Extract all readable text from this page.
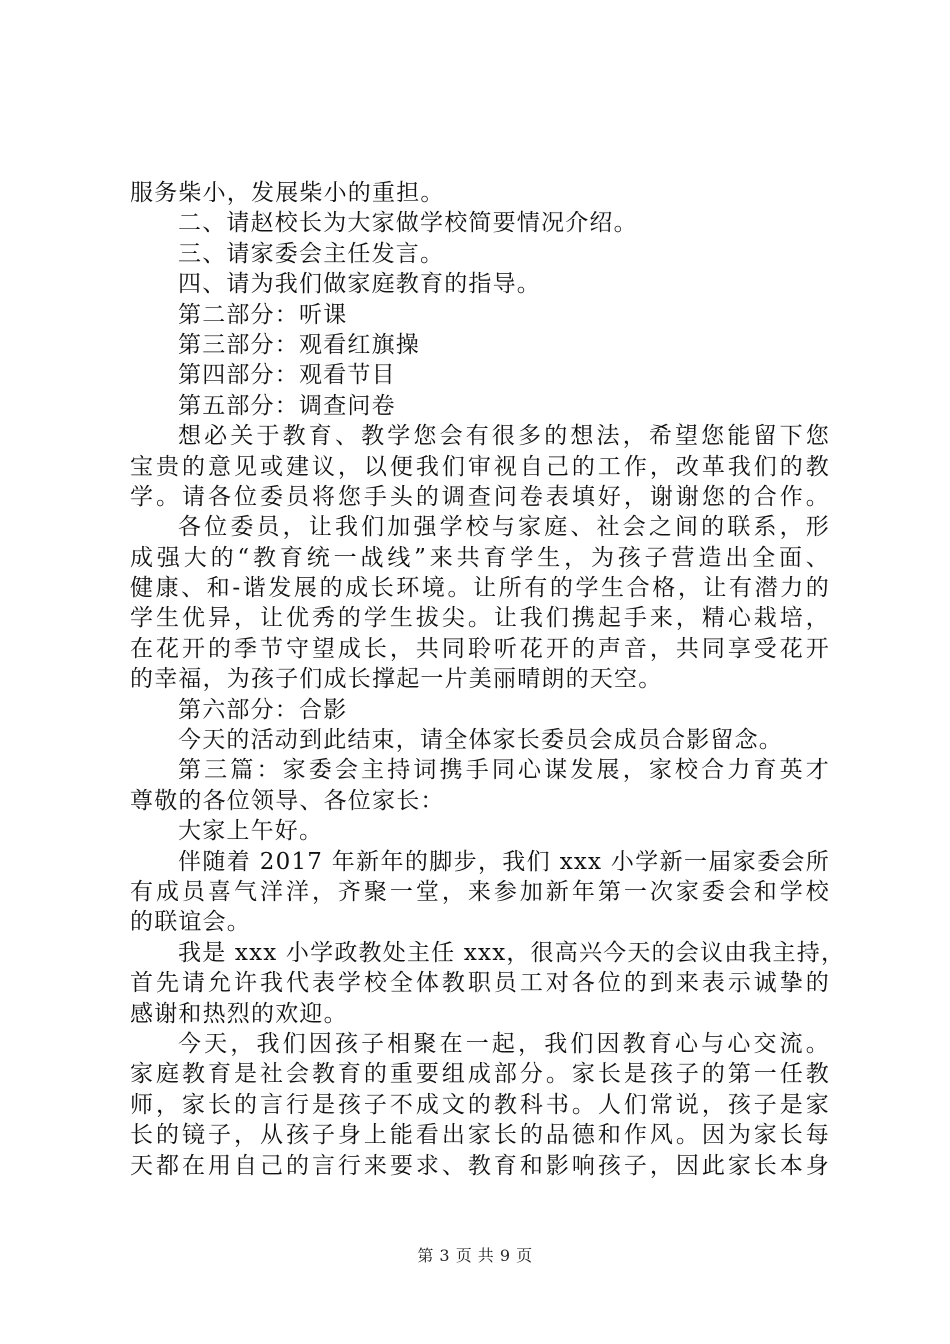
服务柴小，发展柴小的重担。
二、请赵校长为大家做学校简要情况介绍。
三、请家委会主任发言。
四、请为我们做家庭教育的指导。
第二部分：听课
第三部分：观看红旗操
第四部分：观看节目
第五部分：调查问卷
想必关于教育、教学您会有很多的想法，希望您能留下您
宝贵的意见或建议，以便我们审视自己的工作，改革我们的教
学。请各位委员将您手头的调查问卷表填好，谢谢您的合作。
各位委员，让我们加强学校与家庭、社会之间的联系，形
成强大的“教育统一战线”来共育学生，为孩子营造出全面、
健康、和-谐发展的成长环境。让所有的学生合格，让有潜力的
学生优异，让优秀的学生拔尖。让我们携起手来，精心栽培，
在花开的季节守望成长，共同聆听花开的声音，共同享受花开
的幸福，为孩子们成长撑起一片美丽晴朗的天空。
第六部分：合影
今天的活动到此结束，请全体家长委员会成员合影留念。
第三篇：家委会主持词携手同心谋发展，家校合力育英才
尊敬的各位领导、各位家长：
大家上午好。
伴随着 2017 年新年的脚步，我们 xxx 小学新一届家委会所
有成员喜气洋洋，齐聚一堂，来参加新年第一次家委会和学校
的联谊会。
我是 xxx 小学政教处主任 xxx，很高兴今天的会议由我主持，
首先请允许我代表学校全体教职员工对各位的到来表示诚挚的
感谢和热烈的欢迎。
今天，我们因孩子相聚在一起，我们因教育心与心交流。
家庭教育是社会教育的重要组成部分。家长是孩子的第一任教
师，家长的言行是孩子不成文的教科书。人们常说，孩子是家
长的镜子，从孩子身上能看出家长的品德和作风。因为家长每
天都在用自己的言行来要求、教育和影响孩子，因此家长本身
第 3 页 共 9 页
